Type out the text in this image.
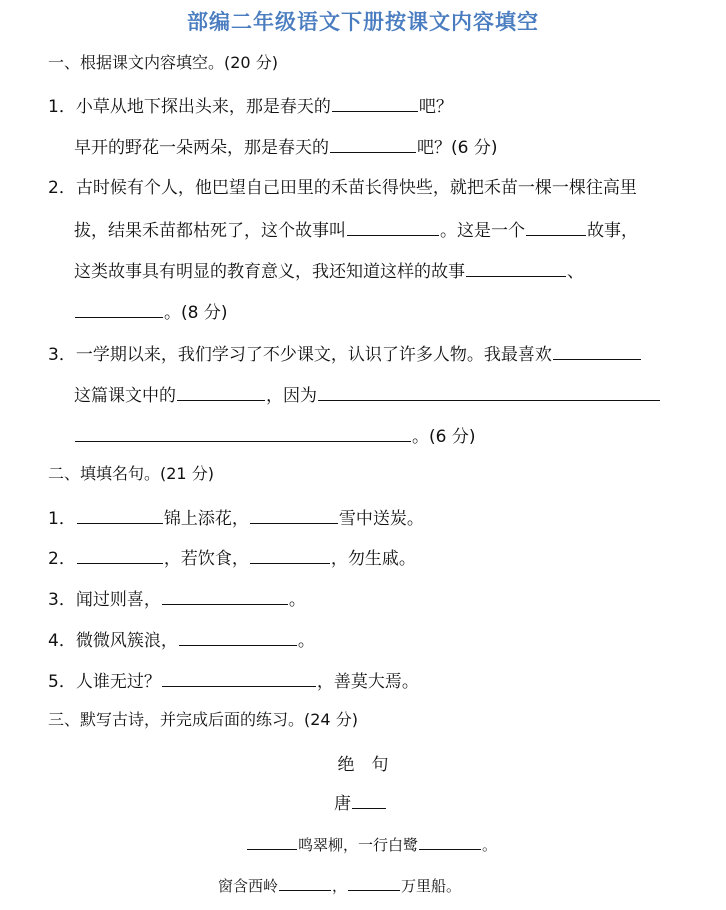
部编二年级语文下册按课文内容填空
一、根据课文内容填空。(20 分)
1．小草从地下探出头来，那是春天的	吧？
早开的野花一朵两朵，那是春天的	吧？(6 分)
2．古时候有个人，他巴望自己田里的禾苗长得快些，就把禾苗一棵一棵往高里
拔，结果禾苗都枯死了，这个故事叫	。这是一个	故事，
这类故事具有明显的教育意义，我还知道这样的故事	、
。(8 分)
3．一学期以来，我们学习了不少课文，认识了许多人物。我最喜欢
这篇课文中的	，因为
。(6 分)
二、填填名句。(21 分)
1．	锦上添花，	雪中送炭。
2．	，若饮食，	，勿生戚。
3．闻过则喜，	。
4．微微风簇浪，	。
5．人谁无过？	，善莫大焉。
三、默写古诗，并完成后面的练习。(24 分)
绝　句
唐
鸣翠柳，一行白鹭	。
窗含西岭	，	万里船。
